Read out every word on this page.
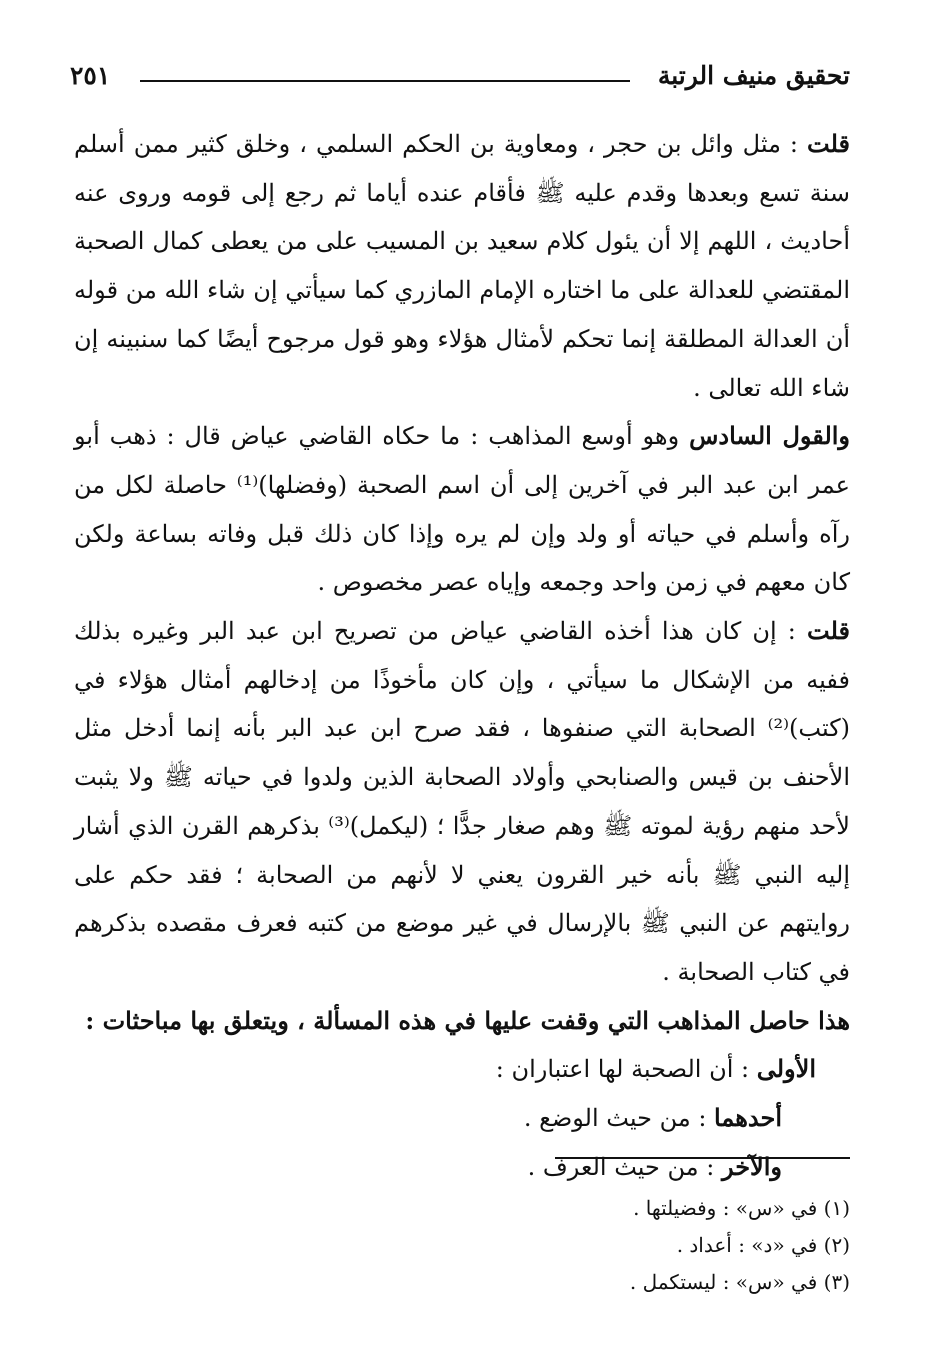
تحقيق منيف الرتبة
٢٥١

قلت : مثل وائل بن حجر ، ومعاوية بن الحكم السلمي ، وخلق كثير ممن أسلم سنة تسع وبعدها وقدم عليه ﷺ فأقام عنده أياما ثم رجع إلى قومه وروى عنه أحاديث ، اللهم إلا أن يئول كلام سعيد بن المسيب على من يعطى كمال الصحبة المقتضي للعدالة على ما اختاره الإمام المازري كما سيأتي إن شاء الله من قوله أن العدالة المطلقة إنما تحكم لأمثال هؤلاء وهو قول مرجوح أيضًا كما سنبينه إن شاء الله تعالى .

والقول السادس وهو أوسع المذاهب : ما حكاه القاضي عياض قال : ذهب أبو عمر ابن عبد البر في آخرين إلى أن اسم الصحبة (وفضلها)⁽¹⁾ حاصلة لكل من رآه وأسلم في حياته أو ولد وإن لم يره وإذا كان ذلك قبل وفاته بساعة ولكن كان معهم في زمن واحد وجمعه وإياه عصر مخصوص .

قلت : إن كان هذا أخذه القاضي عياض من تصريح ابن عبد البر وغيره بذلك ففيه من الإشكال ما سيأتي ، وإن كان مأخوذًا من إدخالهم أمثال هؤلاء في (كتب)⁽²⁾ الصحابة التي صنفوها ، فقد صرح ابن عبد البر بأنه إنما أدخل مثل الأحنف بن قيس والصنابحي وأولاد الصحابة الذين ولدوا في حياته ﷺ ولا يثبت لأحد منهم رؤية لموته ﷺ وهم صغار جدًّا ؛ (ليكمل)⁽³⁾ بذكرهم القرن الذي أشار إليه النبي ﷺ بأنه خير القرون يعني لا لأنهم من الصحابة ؛ فقد حكم على روايتهم عن النبي ﷺ بالإرسال في غير موضع من كتبه فعرف مقصده بذكرهم في كتاب الصحابة .

هذا حاصل المذاهب التي وقفت عليها في هذه المسألة ، ويتعلق بها مباحثات :

الأولى : أن الصحبة لها اعتباران :

أحدهما : من حيث الوضع .

والآخر : من حيث العرف .

(١) في «س» : وفضيلتها .

(٢) في «د» : أعداد .

(٣) في «س» : ليستكمل .
